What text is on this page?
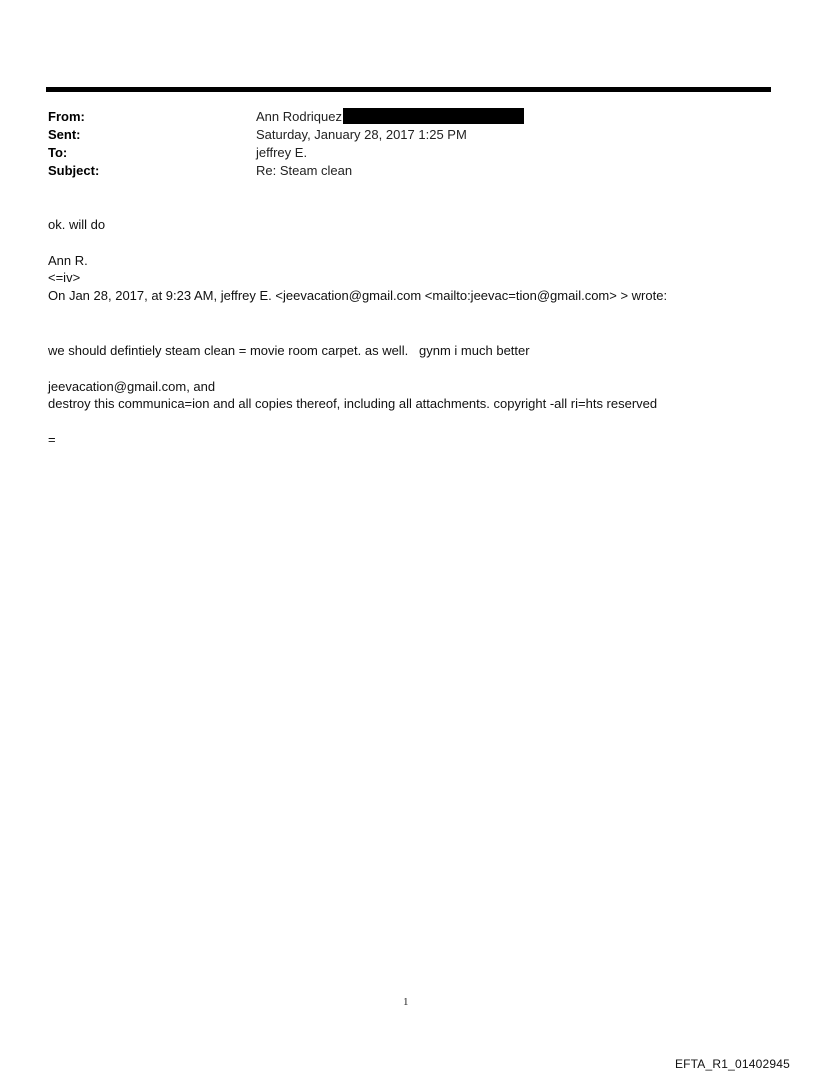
From:	Ann Rodriquez
Sent:	Saturday, January 28, 2017 1:25 PM
To:	jeffrey E.
Subject:	Re: Steam clean
ok. will do
Ann R.
<=iv>
On Jan 28, 2017, at 9:23 AM, jeffrey E. <jeevacation@gmail.com <mailto:jeevac=tion@gmail.com> > wrote:
we should defintiely steam clean = movie room carpet. as well.   gynm i much better
jeevacation@gmail.com, and
destroy this communica=ion and all copies thereof, including all attachments. copyright -all ri=hts reserved
=
1
EFTA_R1_01402945
